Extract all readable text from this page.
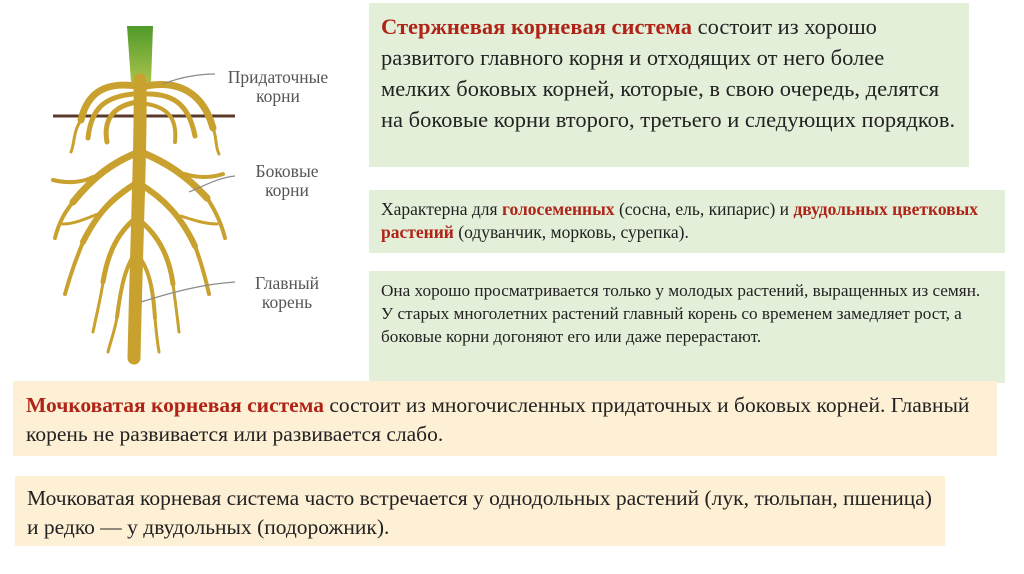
Придаточные
корни
Боковые
корни
Главный
корень
Стержневая корневая система состоит из хорошо развитого главного корня и отходящих от него более мелких боковых корней, которые, в свою очередь, делятся на боковые корни второго, третьего и следующих порядков.
Характерна для голосеменных (сосна, ель, кипарис) и двудольных цветковых растений (одуванчик, морковь, сурепка).
Она хорошо просматривается только у молодых растений, выращенных из семян. У старых многолетних растений главный корень со временем замедляет рост, а боковые корни догоняют его или даже перерастают.
Мочковатая корневая система состоит из многочисленных придаточных и боковых корней. Главный корень не развивается или развивается слабо.
Мочковатая корневая система часто встречается у однодольных растений (лук, тюльпан, пшеница) и редко — у двудольных (подорожник).
